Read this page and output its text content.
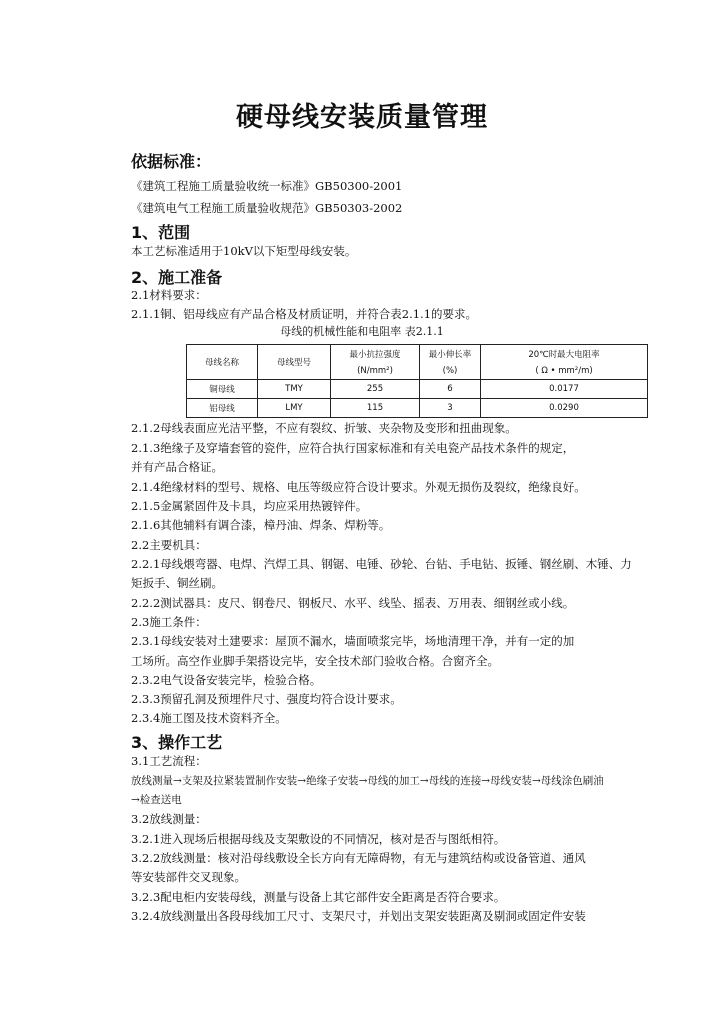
硬母线安装质量管理
依据标准：
《建筑工程施工质量验收统一标准》GB50300-2001
《建筑电气工程施工质量验收规范》GB50303-2002
1、范围
本工艺标准适用于10kV以下矩型母线安装。
2、施工准备
2.1材料要求：
2.1.1铜、铝母线应有产品合格及材质证明，并符合表2.1.1的要求。
母线的机械性能和电阻率 表2.1.1
母线名称	母线型号	最小抗拉强度	最小伸长率	20℃时最大电阻率
		(N/mm²)	(%)	( Ω • mm²/m)
铜母线	TMY	255	6	0.0177
铝母线	LMY	115	3	0.0290
2.1.2母线表面应光洁平整，不应有裂纹、折皱、夹杂物及变形和扭曲现象。
2.1.3绝缘子及穿墙套管的瓷件，应符合执行国家标准和有关电瓷产品技术条件的规定，
并有产品合格证。
2.1.4绝缘材料的型号、规格、电压等级应符合设计要求。外观无损伤及裂纹，绝缘良好。
2.1.5金属紧固件及卡具，均应采用热镀锌件。
2.1.6其他辅料有调合漆，樟丹油、焊条、焊粉等。
2.2主要机具：
2.2.1母线煨弯器、电焊、汽焊工具、钢锯、电锤、砂轮、台钻、手电钻、扳锤、钢丝刷、木锤、力
矩扳手、铜丝刷。
2.2.2测试器具：皮尺、钢卷尺、钢板尺、水平、线坠、摇表、万用表、细钢丝或小线。
2.3施工条件：
2.3.1母线安装对土建要求：屋顶不漏水，墙面喷浆完毕，场地清理干净，并有一定的加
工场所。高空作业脚手架搭设完毕，安全技术部门验收合格。合窗齐全。
2.3.2电气设备安装完毕，检验合格。
2.3.3预留孔洞及预埋件尺寸、强度均符合设计要求。
2.3.4施工图及技术资料齐全。
3、操作工艺
3.1工艺流程：
放线测量→支架及拉紧装置制作安装→绝缘子安装→母线的加工→母线的连接→母线安装→母线涂色刷油
→检查送电
3.2放线测量：
3.2.1进入现场后根据母线及支架敷设的不同情况，核对是否与图纸相符。
3.2.2放线测量：核对沿母线敷设全长方向有无障碍物，有无与建筑结构或设备管道、通风
等安装部件交叉现象。
3.2.3配电柜内安装母线，测量与设备上其它部件安全距离是否符合要求。
3.2.4放线测量出各段母线加工尺寸、支架尺寸，并划出支架安装距离及剔洞或固定件安装
